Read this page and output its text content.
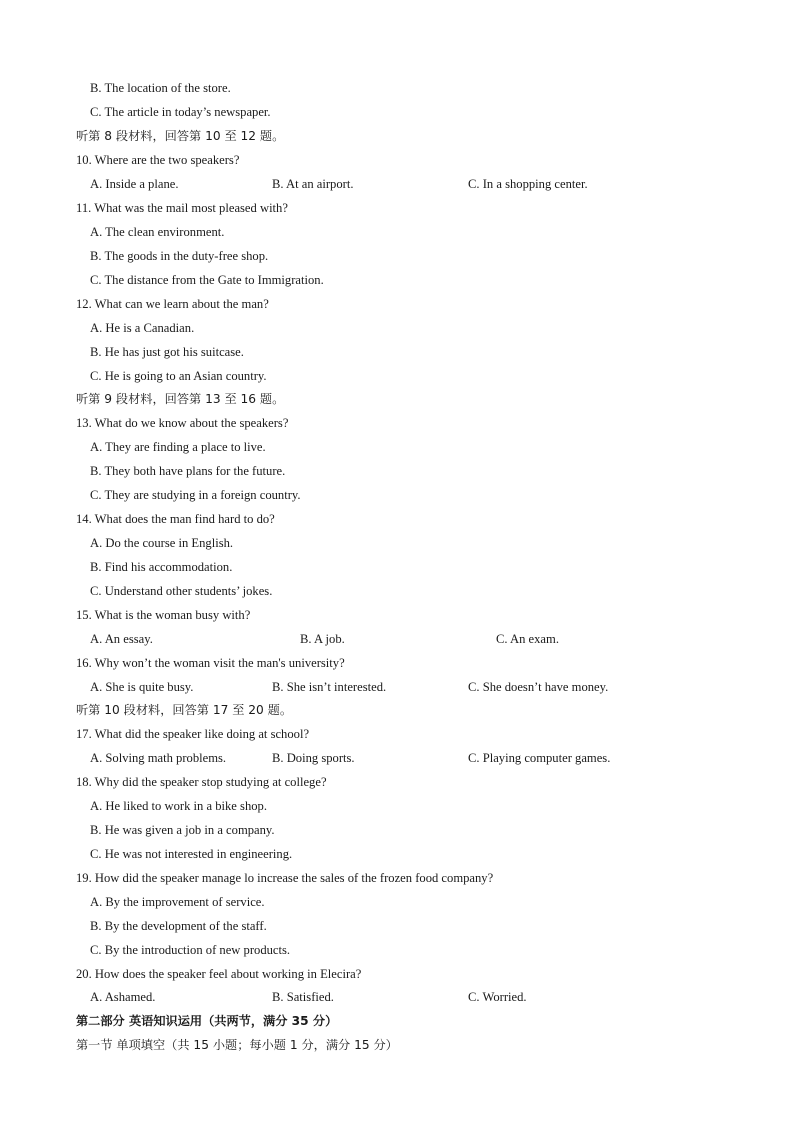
B. The location of the store.
C. The article in today’s newspaper.
听第 8 段材料，回答第 10 至 12 题。
10. Where are the two speakers?
A. Inside a plane.	B. At an airport.	C. In a shopping center.
11. What was the mail most pleased with?
A. The clean environment.
B. The goods in the duty-free shop.
C. The distance from the Gate to Immigration.
12. What can we learn about the man?
A. He is a Canadian.
B. He has just got his suitcase.
C. He is going to an Asian country.
听第 9 段材料，回答第 13 至 16 题。
13. What do we know about the speakers?
A. They are finding a place to live.
B. They both have plans for the future.
C. They are studying in a foreign country.
14. What does the man find hard to do?
A. Do the course in English.
B. Find his accommodation.
C. Understand other students’ jokes.
15. What is the woman busy with?
A. An essay.	B. A job.	C. An exam.
16. Why won’t the woman visit the man's university?
A. She is quite busy.	B. She isn’t interested.	C. She doesn’t have money.
听第 10 段材料，回答第 17 至 20 题。
17. What did the speaker like doing at school?
A. Solving math problems.	B. Doing sports.	C. Playing computer games.
18. Why did the speaker stop studying at college?
A. He liked to work in a bike shop.
B. He was given a job in a company.
C. He was not interested in engineering.
19. How did the speaker manage lo increase the sales of the frozen food company?
A. By the improvement of service.
B. By the development of the staff.
C. By the introduction of new products.
20. How does the speaker feel about working in Elecira?
A. Ashamed.	B. Satisfied.	C. Worried.
第二部分 英语知识运用（共两节，满分 35 分）
第一节 单项填空（共 15 小题；每小题 1 分，满分 15 分）
